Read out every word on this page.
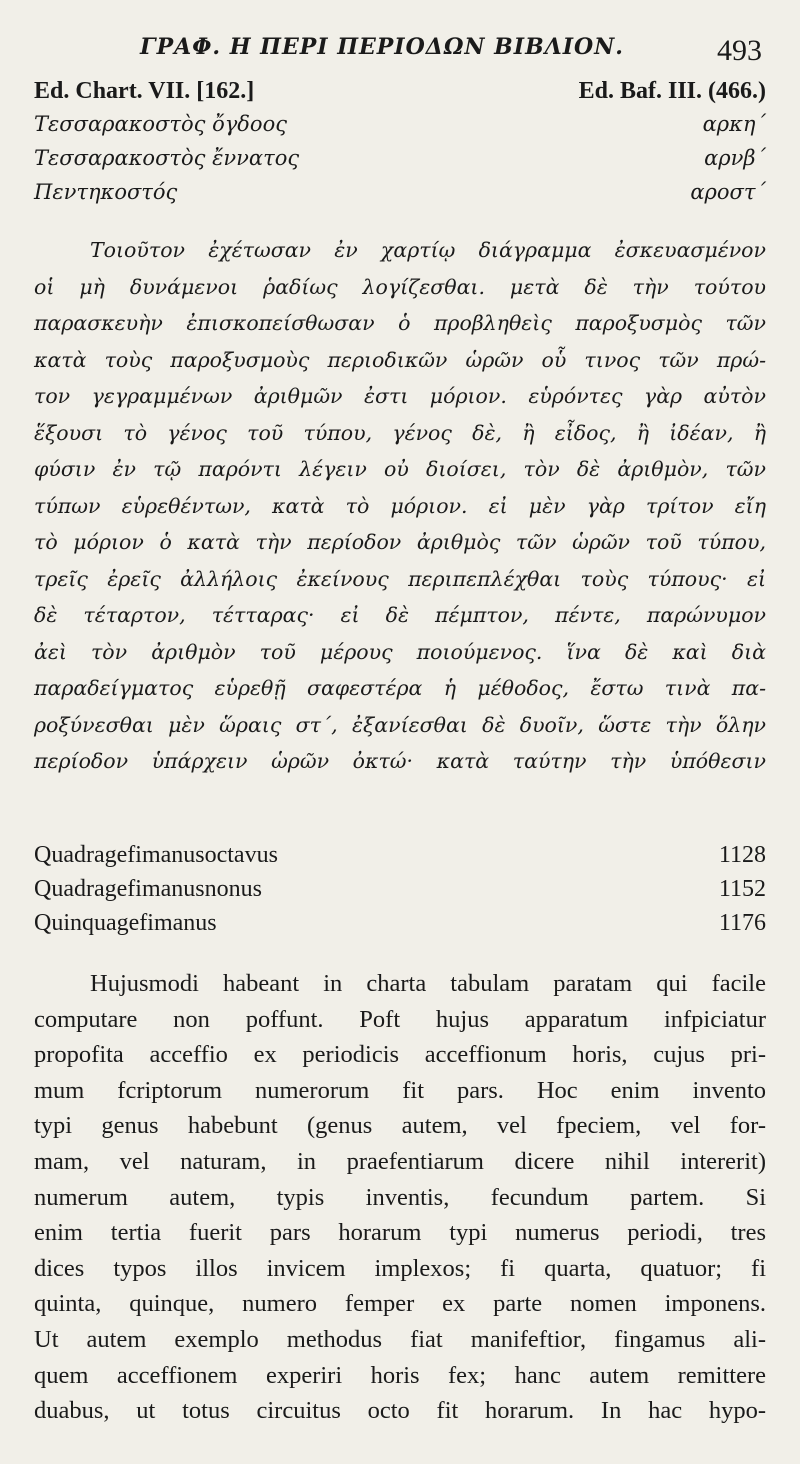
ΓΡΑΦ. Η ΠΕΡΙ ΠΕΡΙΟΔΩΝ ΒΙΒΛΙΟΝ.	493
Ed. Chart. VII. [162.]	Ed. Baf. III. (466.)
Τεσσαρακοστὸς ὄγδοος	αρκη΄
Τεσσαρακοστὸς ἔννατος	αρνβ΄
Πεντηκοστός	αροστ΄
Τοιοῦτον ἐχέτωσαν ἐν χαρτίῳ διάγραμμα ἐσκευασμένον
οἱ μὴ δυνάμενοι ῥαδίως λογίζεσθαι. μετὰ δὲ τὴν τούτου
παρασκευὴν ἐπισκοπείσθωσαν ὁ προβληθεὶς παροξυσμὸς τῶν
κατὰ τοὺς παροξυσμοὺς περιοδικῶν ὡρῶν οὗ τινος τῶν πρώ-
τον γεγραμμένων ἀριθμῶν ἐστι μόριον. εὑρόντες γὰρ αὐτὸν
ἕξουσι τὸ γένος τοῦ τύπου, γένος δὲ, ἢ εἶδος, ἢ ἰδέαν, ἢ
φύσιν ἐν τῷ παρόντι λέγειν οὐ διοίσει, τὸν δὲ ἀριθμὸν, τῶν
τύπων εὑρεθέντων, κατὰ τὸ μόριον. εἰ μὲν γὰρ τρίτον εἴη
τὸ μόριον ὁ κατὰ τὴν περίοδον ἀριθμὸς τῶν ὡρῶν τοῦ τύπου,
τρεῖς ἐρεῖς ἀλλήλοις ἐκείνους περιπεπλέχθαι τοὺς τύπους· εἰ
δὲ τέταρτον, τέτταρας· εἰ δὲ πέμπτον, πέντε, παρώνυμον
ἀεὶ τὸν ἀριθμὸν τοῦ μέρους ποιούμενος. ἵνα δὲ καὶ διὰ
παραδείγματος εὑρεθῇ σαφεστέρα ἡ μέθοδος, ἔστω τινὰ πα-
ροξύνεσθαι μὲν ὥραις στ΄, ἐξανίεσθαι δὲ δυοῖν, ὥστε τὴν ὅλην
περίοδον ὑπάρχειν ὡρῶν ὀκτώ· κατὰ ταύτην τὴν ὑπόθεσιν
Quadragefimanusoctavus	1128
Quadragefimanusnonus	1152
Quinquagefimanus	1176
Hujusmodi habeant in charta tabulam paratam qui facile
computare non poffunt. Poft hujus apparatum infpiciatur
propofita acceffio ex periodicis acceffionum horis, cujus pri-
mum fcriptorum numerorum fit pars. Hoc enim invento
typi genus habebunt (genus autem, vel fpeciem, vel for-
mam, vel naturam, in praefentiarum dicere nihil intererit)
numerum autem, typis inventis, fecundum partem. Si
enim tertia fuerit pars horarum typi numerus periodi, tres
dices typos illos invicem implexos; fi quarta, quatuor; fi
quinta, quinque, numero femper ex parte nomen imponens.
Ut autem exemplo methodus fiat manifeftior, fingamus ali-
quem acceffionem experiri horis fex; hanc autem remittere
duabus, ut totus circuitus octo fit horarum. In hac hypo-
